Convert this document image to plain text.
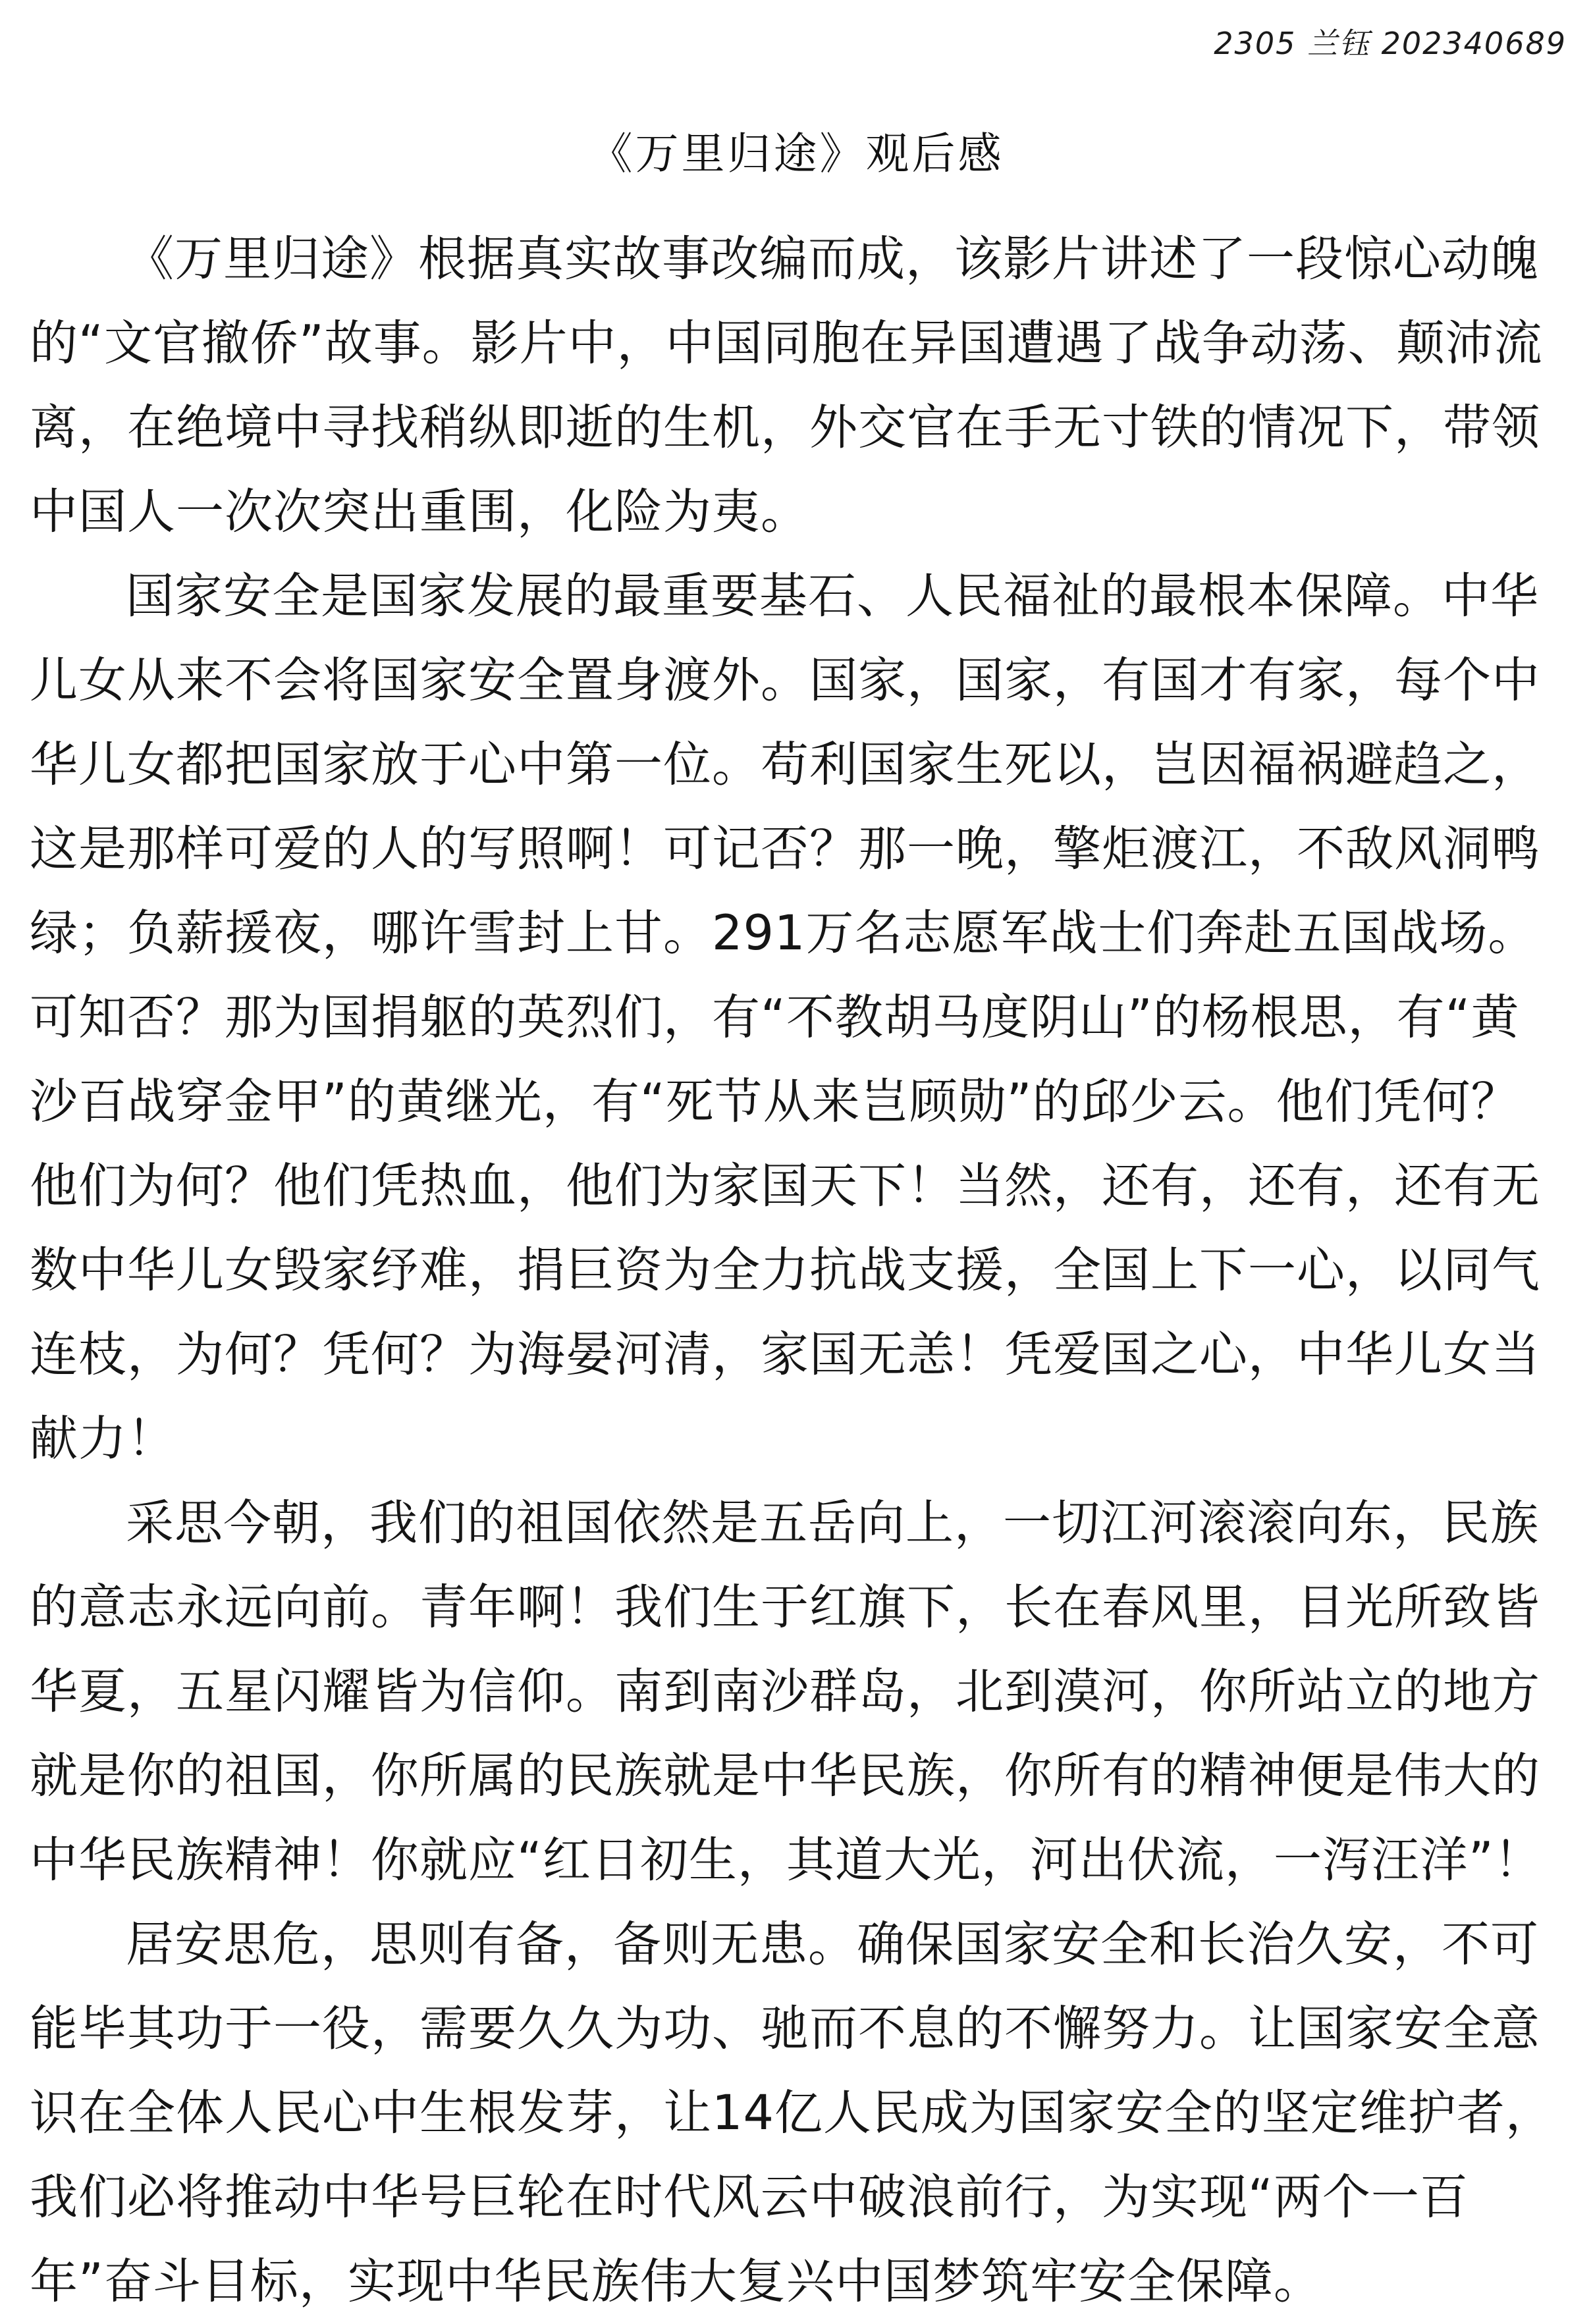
2305 兰钰 202340689
《万里归途》观后感

《万里归途》根据真实故事改编而成，该影片讲述了一段惊心动魄的“文官撤侨”故事。影片中，中国同胞在异国遭遇了战争动荡、颠沛流离，在绝境中寻找稍纵即逝的生机，外交官在手无寸铁的情况下，带领中国人一次次突出重围，化险为夷。

国家安全是国家发展的最重要基石、人民福祉的最根本保障。中华儿女从来不会将国家安全置身渡外。国家，国家，有国才有家，每个中华儿女都把国家放于心中第一位。苟利国家生死以，岂因福祸避趋之，这是那样可爱的人的写照啊！可记否？那一晚，擎炬渡江，不敌风洞鸭绿；负薪援夜，哪许雪封上甘。291万名志愿军战士们奔赴五国战场。可知否？那为国捐躯的英烈们，有“不教胡马度阴山”的杨根思，有“黄沙百战穿金甲”的黄继光，有“死节从来岂顾勋”的邱少云。他们凭何？他们为何？他们凭热血，他们为家国天下！当然，还有，还有，还有无数中华儿女毁家纾难，捐巨资为全力抗战支援，全国上下一心，以同气连枝，为何？凭何？为海晏河清，家国无恙！凭爱国之心，中华儿女当献力！

采思今朝，我们的祖国依然是五岳向上，一切江河滚滚向东，民族的意志永远向前。青年啊！我们生于红旗下，长在春风里，目光所致皆华夏，五星闪耀皆为信仰。南到南沙群岛，北到漠河，你所站立的地方就是你的祖国，你所属的民族就是中华民族，你所有的精神便是伟大的中华民族精神！你就应“红日初生，其道大光，河出伏流，一泻汪洋”！

居安思危，思则有备，备则无患。确保国家安全和长治久安，不可能毕其功于一役，需要久久为功、驰而不息的不懈努力。让国家安全意识在全体人民心中生根发芽，让14亿人民成为国家安全的坚定维护者，我们必将推动中华号巨轮在时代风云中破浪前行，为实现“两个一百年”奋斗目标，实现中华民族伟大复兴中国梦筑牢安全保障。
